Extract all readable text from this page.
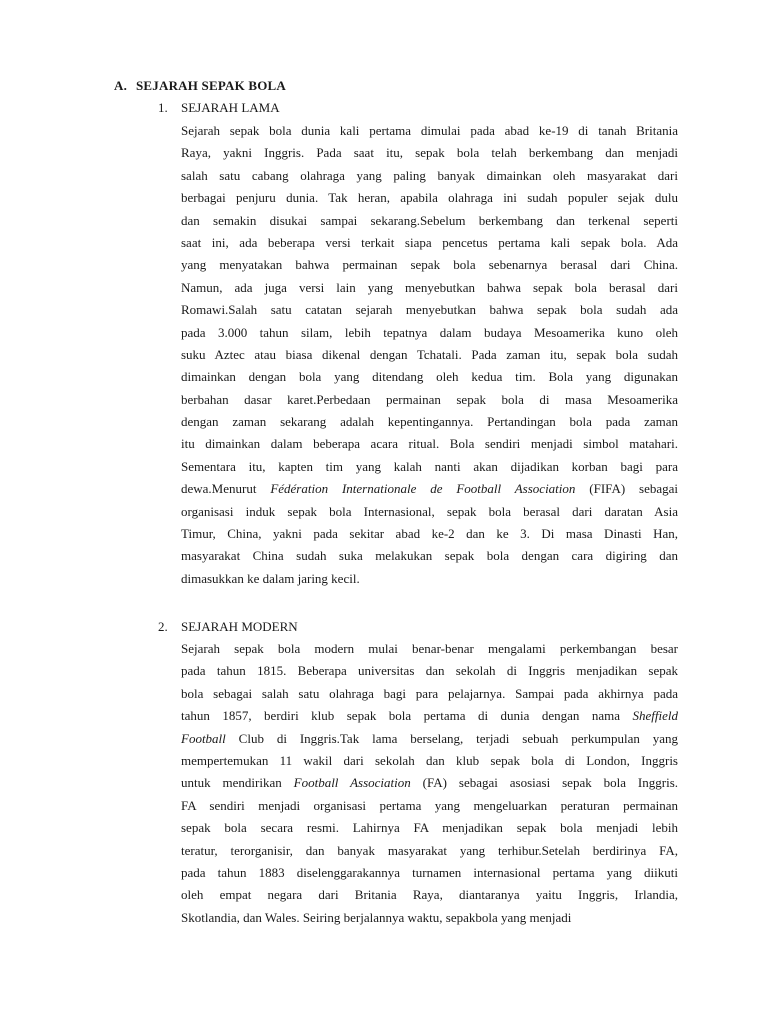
A. SEJARAH SEPAK BOLA
1. SEJARAH LAMA
Sejarah sepak bola dunia kali pertama dimulai pada abad ke-19 di tanah Britania
Raya, yakni Inggris. Pada saat itu, sepak bola telah berkembang dan menjadi
salah satu cabang olahraga yang paling banyak dimainkan oleh masyarakat dari
berbagai penjuru dunia. Tak heran, apabila olahraga ini sudah populer sejak dulu
dan semakin disukai sampai sekarang.Sebelum berkembang dan terkenal seperti
saat ini, ada beberapa versi terkait siapa pencetus pertama kali sepak bola. Ada
yang menyatakan bahwa permainan sepak bola sebenarnya berasal dari China.
Namun, ada juga versi lain yang menyebutkan bahwa sepak bola berasal dari
Romawi.Salah satu catatan sejarah menyebutkan bahwa sepak bola sudah ada
pada 3.000 tahun silam, lebih tepatnya dalam budaya Mesoamerika kuno oleh
suku Aztec atau biasa dikenal dengan Tchatali. Pada zaman itu, sepak bola sudah
dimainkan dengan bola yang ditendang oleh kedua tim. Bola yang digunakan
berbahan dasar karet.Perbedaan permainan sepak bola di masa Mesoamerika
dengan zaman sekarang adalah kepentingannya. Pertandingan bola pada zaman
itu dimainkan dalam beberapa acara ritual. Bola sendiri menjadi simbol matahari.
Sementara itu, kapten tim yang kalah nanti akan dijadikan korban bagi para
dewa.Menurut Fédération Internationale de Football Association (FIFA) sebagai
organisasi induk sepak bola Internasional, sepak bola berasal dari daratan Asia
Timur, China, yakni pada sekitar abad ke-2 dan ke 3. Di masa Dinasti Han,
masyarakat China sudah suka melakukan sepak bola dengan cara digiring dan
dimasukkan ke dalam jaring kecil.
2. SEJARAH MODERN
Sejarah sepak bola modern mulai benar-benar mengalami perkembangan besar
pada tahun 1815. Beberapa universitas dan sekolah di Inggris menjadikan sepak
bola sebagai salah satu olahraga bagi para pelajarnya. Sampai pada akhirnya pada
tahun 1857, berdiri klub sepak bola pertama di dunia dengan nama Sheffield
Football Club di Inggris.Tak lama berselang, terjadi sebuah perkumpulan yang
mempertemukan 11 wakil dari sekolah dan klub sepak bola di London, Inggris
untuk mendirikan Football Association (FA) sebagai asosiasi sepak bola Inggris.
FA sendiri menjadi organisasi pertama yang mengeluarkan peraturan permainan
sepak bola secara resmi. Lahirnya FA menjadikan sepak bola menjadi lebih
teratur, terorganisir, dan banyak masyarakat yang terhibur.Setelah berdirinya FA,
pada tahun 1883 diselenggarakannya turnamen internasional pertama yang diikuti
oleh empat negara dari Britania Raya, diantaranya yaitu Inggris, Irlandia,
Skotlandia, dan Wales. Seiring berjalannya waktu, sepakbola yang menjadi
